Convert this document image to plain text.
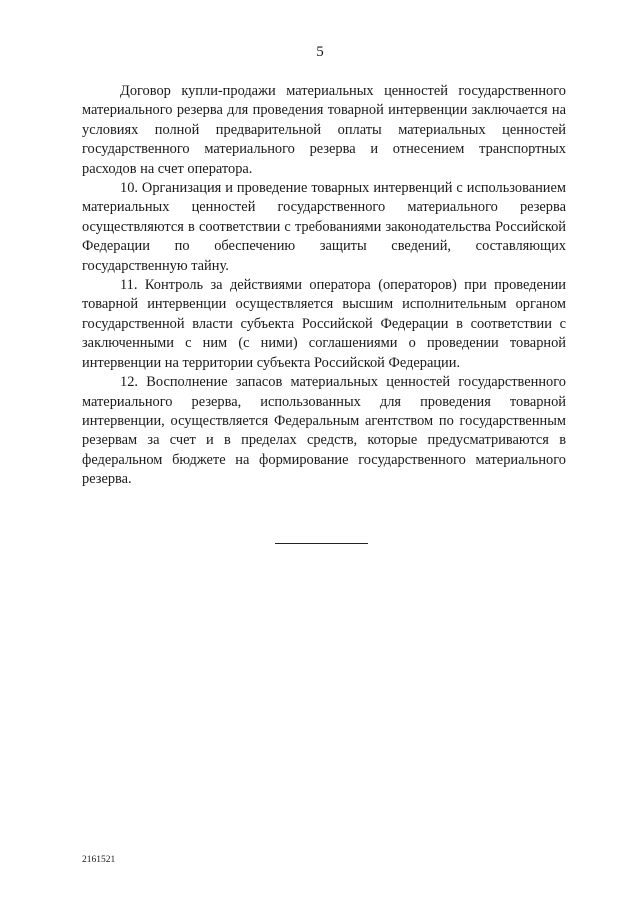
5

Договор купли-продажи материальных ценностей государственного материального резерва для проведения товарной интервенции заключается на условиях полной предварительной оплаты материальных ценностей государственного материального резерва и отнесением транспортных расходов на счет оператора.

10. Организация и проведение товарных интервенций с использованием материальных ценностей государственного материального резерва осуществляются в соответствии с требованиями законодательства Российской Федерации по обеспечению защиты сведений, составляющих государственную тайну.

11. Контроль за действиями оператора (операторов) при проведении товарной интервенции осуществляется высшим исполнительным органом государственной власти субъекта Российской Федерации в соответствии с заключенными с ним (с ними) соглашениями о проведении товарной интервенции на территории субъекта Российской Федерации.

12. Восполнение запасов материальных ценностей государственного материального резерва, использованных для проведения товарной интервенции, осуществляется Федеральным агентством по государственным резервам за счет и в пределах средств, которые предусматриваются в федеральном бюджете на формирование государственного материального резерва.

2161521
